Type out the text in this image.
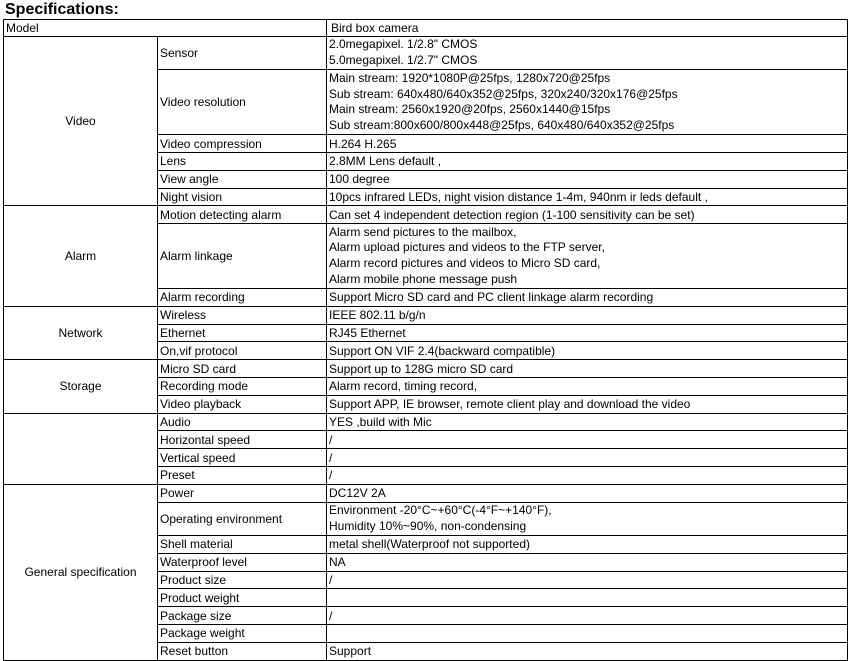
Specifications:
Model		Bird box camera
Video	Sensor	2.0megapixel. 1/2.8" CMOS
5.0megapixel. 1/2.7" CMOS

	Video resolution	Main stream: 1920*1080P@25fps, 1280x720@25fps
Sub stream: 640x480/640x352@25fps, 320x240/320x176@25fps
Main stream: 2560x1920@20fps, 2560x1440@15fps
Sub stream:800x600/800x448@25fps, 640x480/640x352@25fps

	Video compression	H.264 H.265

	Lens	2.8MM Lens default ,

	View angle	100 degree

	Night vision	10pcs infrared LEDs, night vision distance 1-4m, 940nm ir leds default ,

Alarm	Motion detecting alarm	Can set 4 independent detection region (1-100 sensitivity can be set)

	Alarm linkage	Alarm send pictures to the mailbox,
Alarm upload pictures and videos to the FTP server,
Alarm record pictures and videos to Micro SD card,
Alarm mobile phone message push

	Alarm recording	Support Micro SD card and PC client linkage alarm recording

Network	Wireless	IEEE 802.11 b/g/n

	Ethernet	RJ45 Ethernet

	On,vif protocol	Support ON VIF 2.4(backward compatible)

Storage	Micro SD card	Support up to 128G micro SD card

	Recording mode	Alarm record, timing record,

	Video playback	Support APP, IE browser, remote client play and download the video

	Audio	YES ,build with Mic

	Horizontal speed	/

	Vertical speed	/

	Preset	/

General specification	Power	DC12V 2A

	Operating environment	Environment -20°C~+60°C(-4°F~+140°F),
Humidity 10%~90%, non-condensing

	Shell material	metal shell(Waterproof not supported)

	Waterproof level	NA

	Product size	/

	Product weight	

	Package size	/

	Package weight	

	Reset button	Support
